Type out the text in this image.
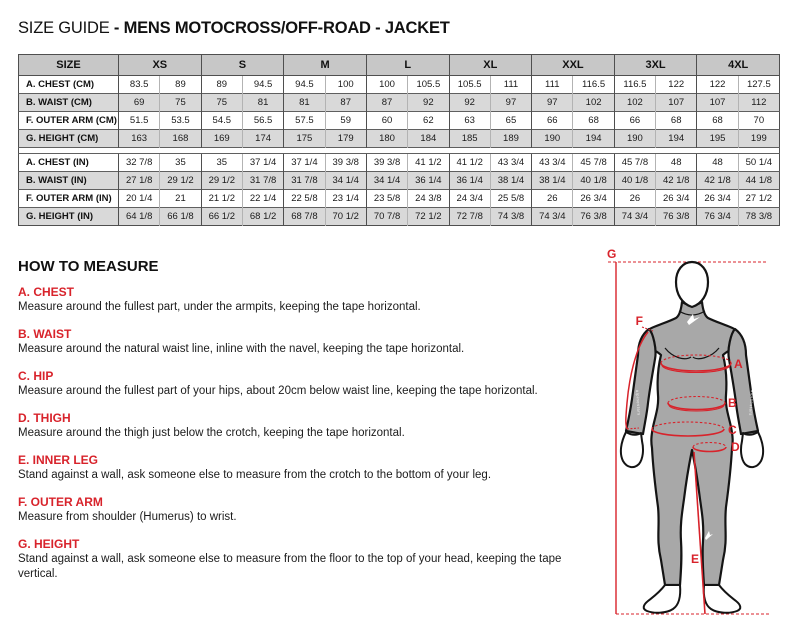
SIZE GUIDE - MENS MOTOCROSS/OFF-ROAD - JACKET
SIZE	XS		S		M		L		XL		XXL		3XL		4XL	
A. CHEST (CM)	83.5	89	89	94.5	94.5	100	100	105.5	105.5	111	111	116.5	116.5	122	122	127.5
B. WAIST (CM)	69	75	75	81	81	87	87	92	92	97	97	102	102	107	107	112
F. OUTER ARM (CM)	51.5	53.5	54.5	56.5	57.5	59	60	62	63	65	66	68	66	68	68	70
G. HEIGHT (CM)	163	168	169	174	175	179	180	184	185	189	190	194	190	194	195	199

A. CHEST (IN)	32 7/8	35	35	37 1/4	37 1/4	39 3/8	39 3/8	41 1/2	41 1/2	43 3/4	43 3/4	45 7/8	45 7/8	48	48	50 1/4
B. WAIST (IN)	27 1/8	29 1/2	29 1/2	31 7/8	31 7/8	34 1/4	34 1/4	36 1/4	36 1/4	38 1/4	38 1/4	40 1/8	40 1/8	42 1/8	42 1/8	44 1/8
F. OUTER ARM (IN)	20 1/4	21	21 1/2	22 1/4	22 5/8	23 1/4	23 5/8	24 3/8	24 3/4	25 5/8	26	26 3/4	26	26 3/4	26 3/4	27 1/2
G. HEIGHT (IN)	64 1/8	66 1/8	66 1/2	68 1/2	68 7/8	70 1/2	70 7/8	72 1/2	72 7/8	74 3/8	74 3/4	76 3/8	74 3/4	76 3/8	76 3/4	78 3/8
HOW TO MEASURE
A. CHEST
Measure around the fullest part, under the armpits, keeping the tape horizontal.
B. WAIST
Measure around the natural waist line, inline with the navel, keeping the tape horizontal.
C. HIP
Measure around the fullest part of your hips, about 20cm below waist line, keeping the tape horizontal.
D. THIGH
Measure around the thigh just below the crotch, keeping the tape horizontal.
E. INNER LEG
Stand against a wall, ask someone else to measure from the crotch to the bottom of your leg.
F. OUTER ARM
Measure from shoulder (Humerus) to wrist.
G. HEIGHT
Stand against a wall, ask someone else to measure from the floor to the top of your head, keeping the tape vertical.
G
alpinestars	alpinestars
A
B
C
D
E
F
